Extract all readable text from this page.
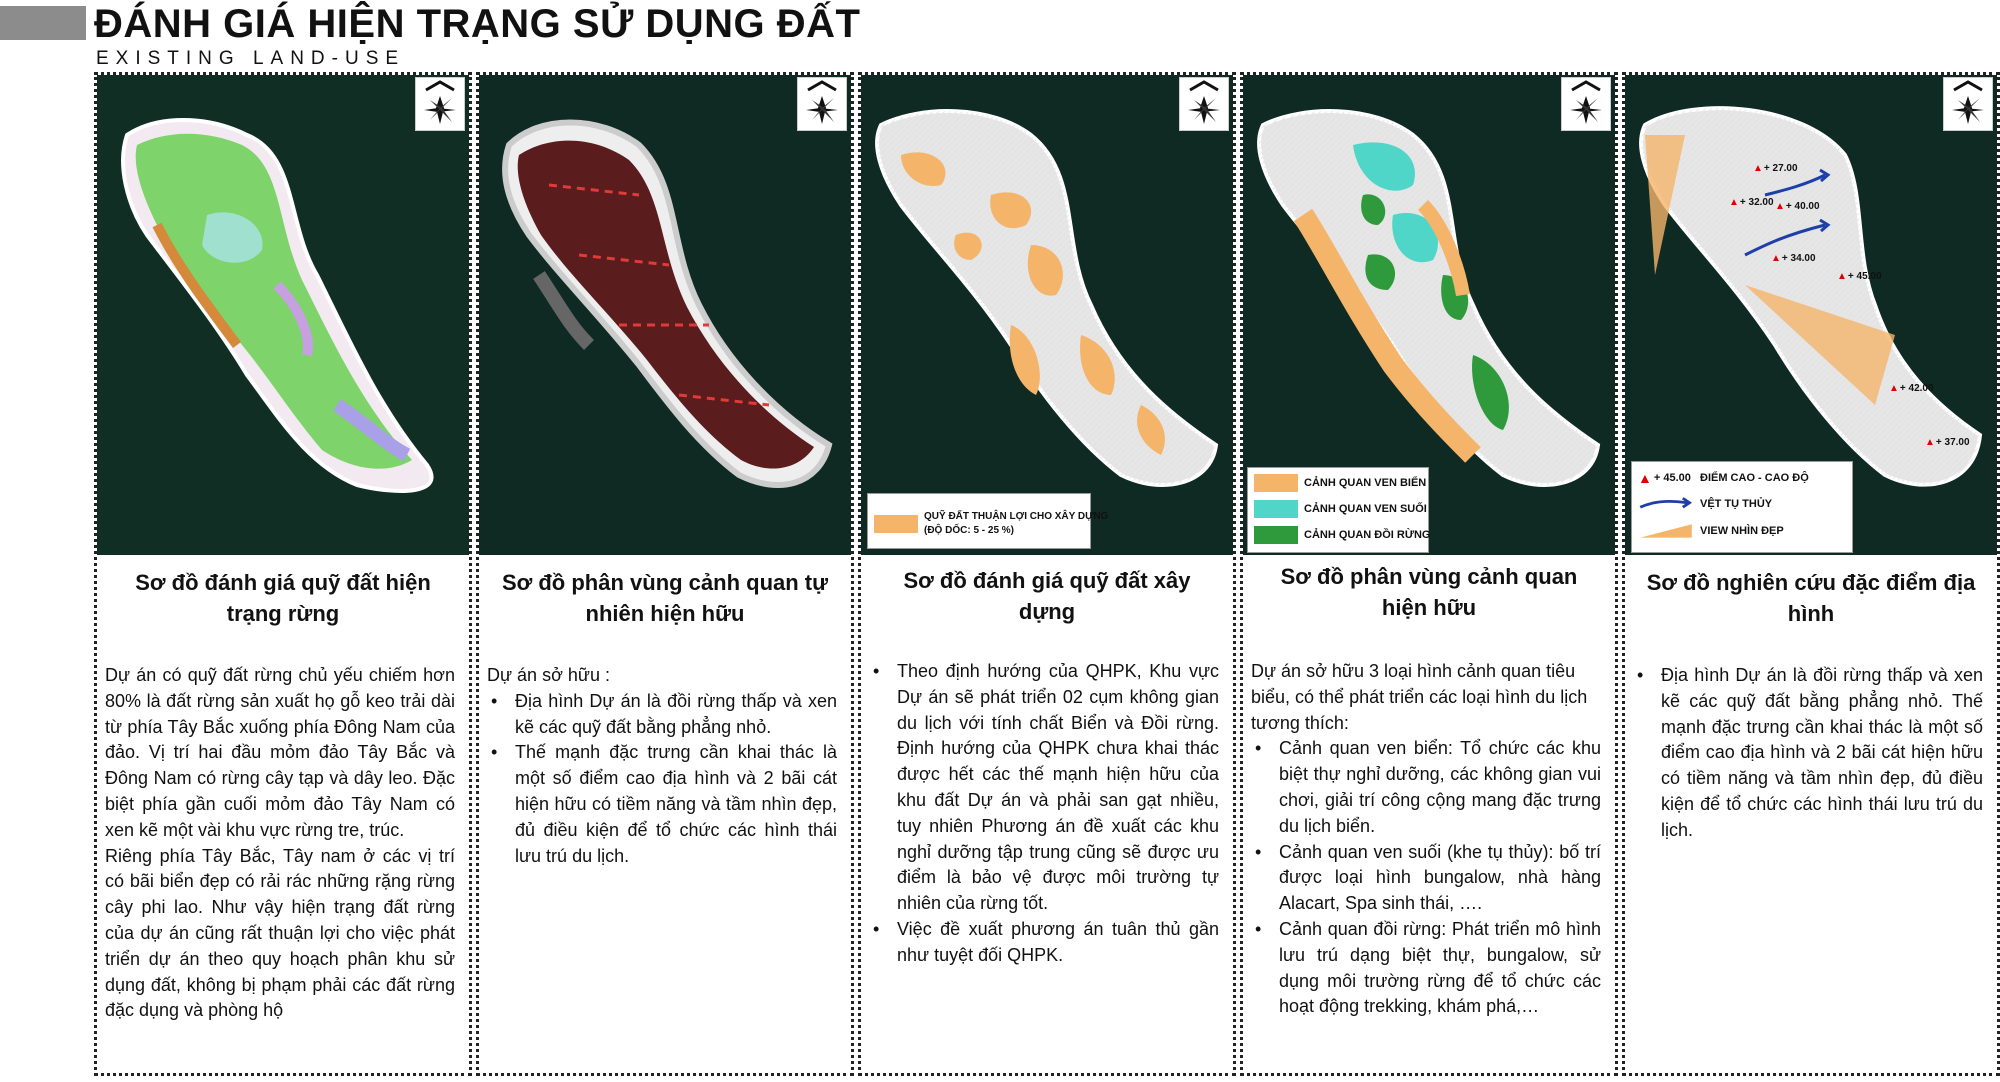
ĐÁNH GIÁ HIỆN TRẠNG SỬ DỤNG ĐẤT
EXISTING LAND-USE
Sơ đồ đánh giá quỹ đất hiện trạng rừng

Dự án có quỹ đất rừng chủ yếu chiếm hơn 80% là đất rừng sản xuất họ gỗ keo trải dài từ phía Tây Bắc xuống phía Đông Nam của đảo. Vị trí hai đầu mỏm đảo Tây Bắc và Đông Nam có rừng cây tạp và dây leo. Đặc biệt phía gần cuối mỏm đảo Tây Nam có xen kẽ một vài khu vực rừng tre, trúc.

Riêng phía Tây Bắc, Tây nam ở các vị trí có bãi biển đẹp có rải rác những rặng rừng cây phi lao. Như vậy hiện trạng đất rừng của dự án cũng rất thuận lợi cho việc phát triển dự án theo quy hoạch phân khu sử dụng đất, không bị phạm phải các đất rừng đặc dụng và phòng hộ

Sơ đồ phân vùng cảnh quan tự nhiên hiện hữu

Dự án sở hữu :

• Địa hình Dự án là đồi rừng thấp và xen kẽ các quỹ đất bằng phẳng nhỏ.
• Thế mạnh đặc trưng cần khai thác là một số điểm cao địa hình và 2 bãi cát hiện hữu có tiềm năng và tầm nhìn đẹp, đủ điều kiện để tổ chức các hình thái lưu trú du lịch.
QUỸ ĐẤT THUẬN LỢI CHO XÂY DỰNG
(ĐỘ DỐC: 5 - 25 %)
Sơ đồ đánh giá quỹ đất xây dựng
• Theo định hướng của QHPK, Khu vực Dự án sẽ phát triển 02 cụm không gian du lịch với tính chất Biển và Đồi rừng. Định hướng của QHPK chưa khai thác được hết các thế mạnh hiện hữu của khu đất Dự án và phải san gạt nhiều, tuy nhiên Phương án đề xuất các khu nghỉ dưỡng tập trung cũng sẽ được ưu điểm là bảo vệ được môi trường tự nhiên của rừng tốt.
• Việc đề xuất phương án tuân thủ gần như tuyệt đối QHPK.
CẢNH QUAN VEN BIỂN
CẢNH QUAN VEN SUỐI
CẢNH QUAN ĐỒI RỪNG
Sơ đồ phân vùng cảnh quan hiện hữu

Dự án sở hữu 3 loại hình cảnh quan tiêu biểu, có thể phát triển các loại hình du lịch tương thích:

• Cảnh quan ven biển: Tổ chức các khu biệt thự nghỉ dưỡng, các không gian vui chơi, giải trí công cộng mang đặc trưng du lịch biển.
• Cảnh quan ven suối (khe tụ thủy): bố trí được loại hình bungalow, nhà hàng Alacart, Spa sinh thái, ….
• Cảnh quan đồi rừng: Phát triển mô hình lưu trú dạng biệt thự, bungalow, sử dụng môi trường rừng để tổ chức các hoạt động trekking, khám phá,…
▲ + 27.00
▲ + 32.00 ▲ + 40.00
▲ + 34.00
▲ + 45.00
▲ + 42.00
▲ + 37.00
▲ + 45.00 ĐIỂM CAO - CAO ĐỘ
VỆT TỤ THỦY
VIEW NHÌN ĐẸP
Sơ đồ nghiên cứu đặc điểm địa hình
• Địa hình Dự án là đồi rừng thấp và xen kẽ các quỹ đất bằng phẳng nhỏ. Thế mạnh đặc trưng cần khai thác là một số điểm cao địa hình và 2 bãi cát hiện hữu có tiềm năng và tầm nhìn đẹp, đủ điều kiện để tổ chức các hình thái lưu trú du lịch.
